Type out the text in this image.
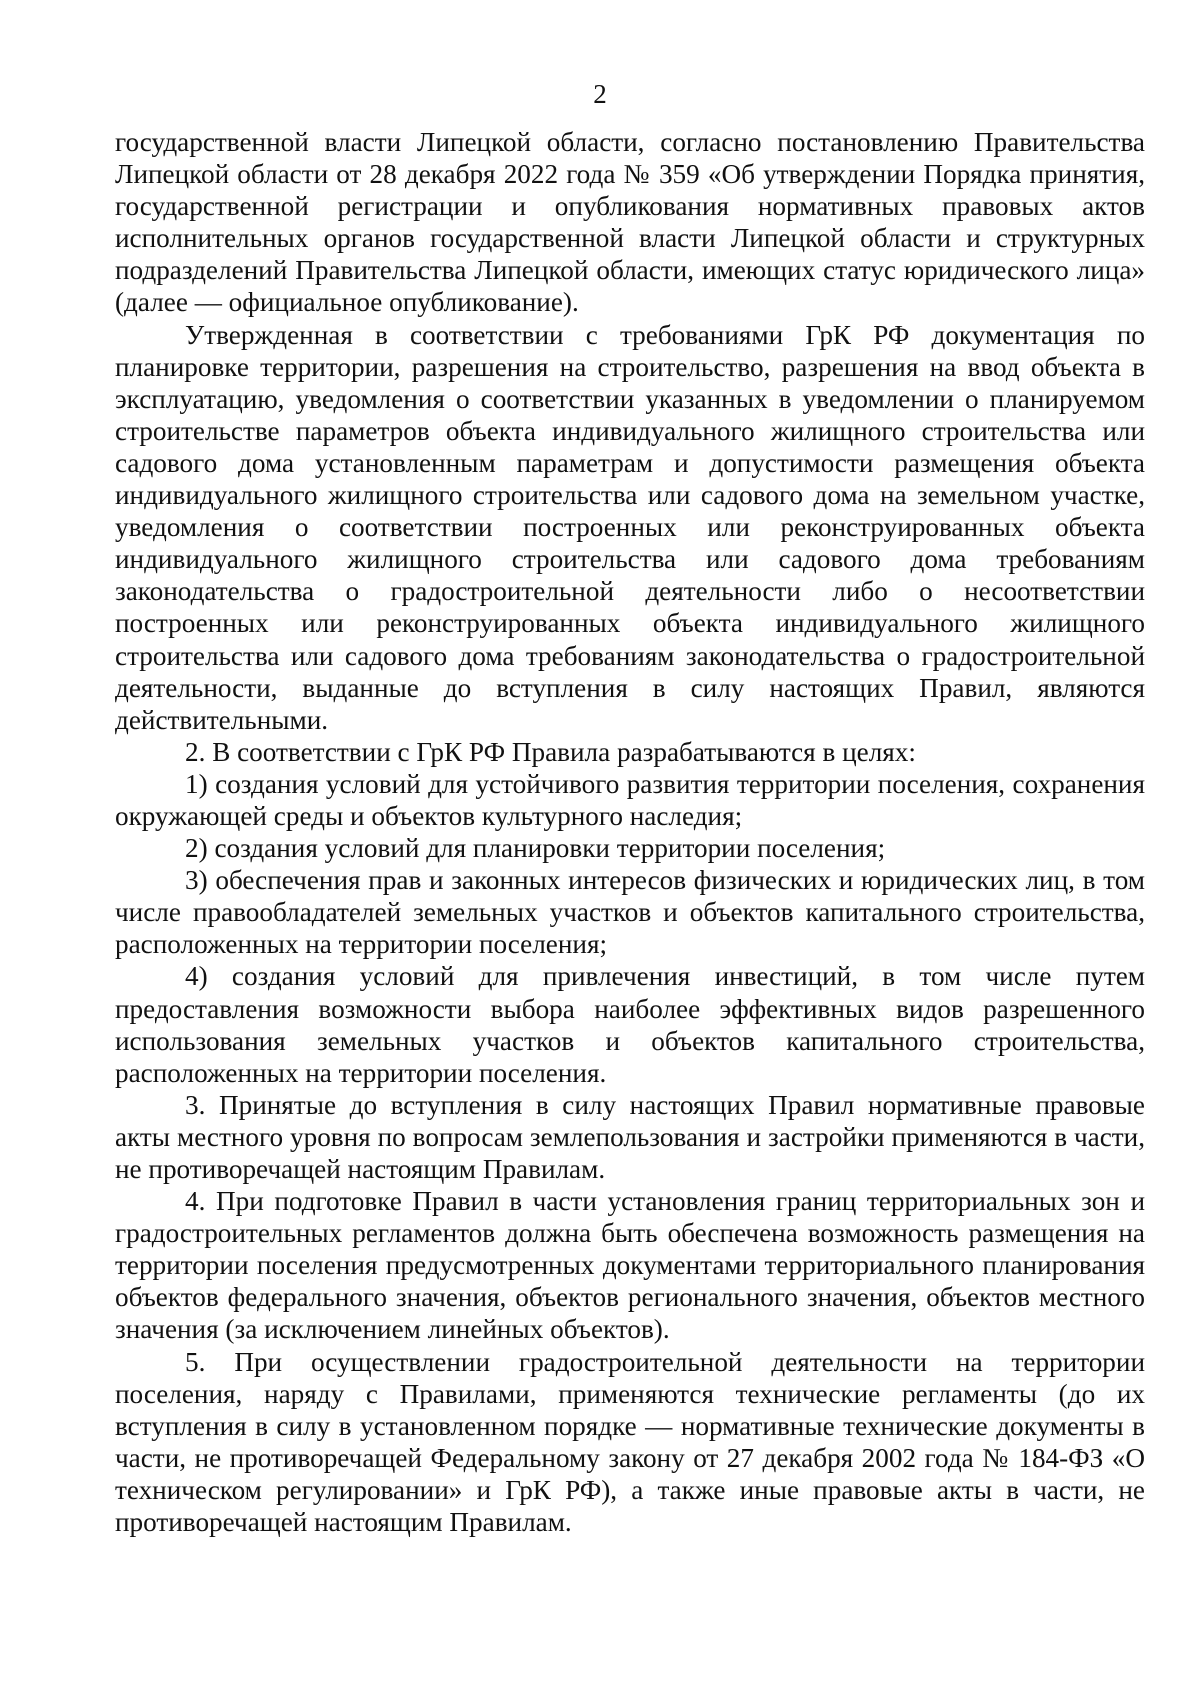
2

государственной власти Липецкой области, согласно постановлению Правительства Липецкой области от 28 декабря 2022 года № 359 «Об утверждении Порядка принятия, государственной регистрации и опубликования нормативных правовых актов исполнительных органов государственной власти Липецкой области и структурных подразделений Правительства Липецкой области, имеющих статус юридического лица» (далее — официальное опубликование).

Утвержденная в соответствии с требованиями ГрК РФ документация по планировке территории, разрешения на строительство, разрешения на ввод объекта в эксплуатацию, уведомления о соответствии указанных в уведомлении о планируемом строительстве параметров объекта индивидуального жилищного строительства или садового дома установленным параметрам и допустимости размещения объекта индивидуального жилищного строительства или садового дома на земельном участке, уведомления о соответствии построенных или реконструированных объекта индивидуального жилищного строительства или садового дома требованиям законодательства о градостроительной деятельности либо о несоответствии построенных или реконструированных объекта индивидуального жилищного строительства или садового дома требованиям законодательства о градостроительной деятельности, выданные до вступления в силу настоящих Правил, являются действительными.

2. В соответствии с ГрК РФ Правила разрабатываются в целях:

1) создания условий для устойчивого развития территории поселения, сохранения окружающей среды и объектов культурного наследия;

2) создания условий для планировки территории поселения;

3) обеспечения прав и законных интересов физических и юридических лиц, в том числе правообладателей земельных участков и объектов капитального строительства, расположенных на территории поселения;

4) создания условий для привлечения инвестиций, в том числе путем предоставления возможности выбора наиболее эффективных видов разрешенного использования земельных участков и объектов капитального строительства, расположенных на территории поселения.

3. Принятые до вступления в силу настоящих Правил нормативные правовые акты местного уровня по вопросам землепользования и застройки применяются в части, не противоречащей настоящим Правилам.

4. При подготовке Правил в части установления границ территориальных зон и градостроительных регламентов должна быть обеспечена возможность размещения на территории поселения предусмотренных документами территориального планирования объектов федерального значения, объектов регионального значения, объектов местного значения (за исключением линейных объектов).

5. При осуществлении градостроительной деятельности на территории поселения, наряду с Правилами, применяются технические регламенты (до их вступления в силу в установленном порядке — нормативные технические документы в части, не противоречащей Федеральному закону от 27 декабря 2002 года № 184-ФЗ «О техническом регулировании» и ГрК РФ), а также иные правовые акты в части, не противоречащей настоящим Правилам.
